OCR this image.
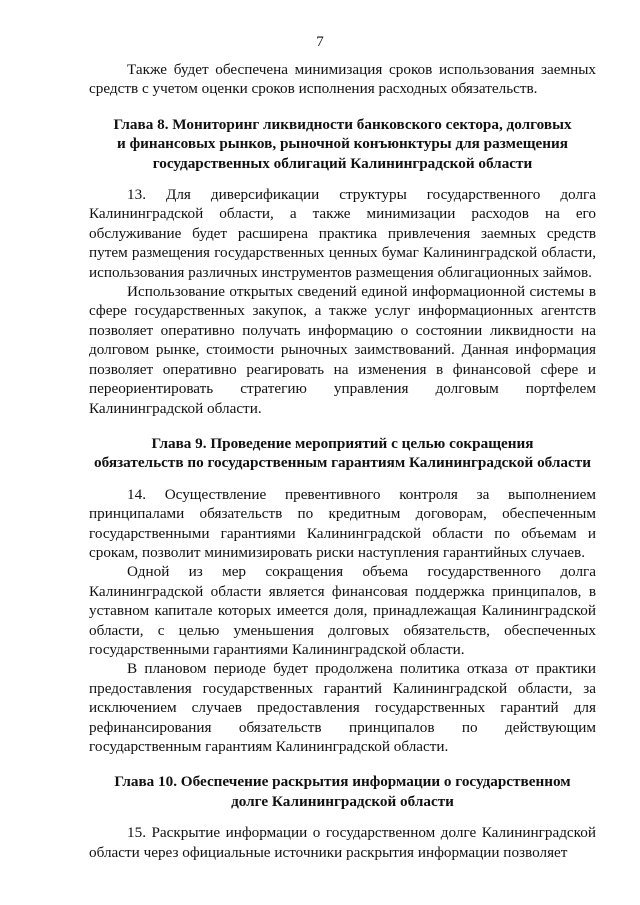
7

Также будет обеспечена минимизация сроков использования заемных средств с учетом оценки сроков исполнения расходных обязательств.

Глава 8. Мониторинг ликвидности банковского сектора, долговых
и финансовых рынков, рыночной конъюнктуры для размещения
государственных облигаций Калининградской области

13. Для диверсификации структуры государственного долга Калининградской области, а также минимизации расходов на его обслуживание будет расширена практика привлечения заемных средств путем размещения государственных ценных бумаг Калининградской области, использования различных инструментов размещения облигационных займов.

Использование открытых сведений единой информационной системы в сфере государственных закупок, а также услуг информационных агентств позволяет оперативно получать информацию о состоянии ликвидности на долговом рынке, стоимости рыночных заимствований. Данная информация позволяет оперативно реагировать на изменения в финансовой сфере и переориентировать стратегию управления долговым портфелем Калининградской области.

Глава 9. Проведение мероприятий с целью сокращения
обязательств по государственным гарантиям Калининградской области

14. Осуществление превентивного контроля за выполнением принципалами обязательств по кредитным договорам, обеспеченным государственными гарантиями Калининградской области по объемам и срокам, позволит минимизировать риски наступления гарантийных случаев.

Одной из мер сокращения объема государственного долга Калининградской области является финансовая поддержка принципалов, в уставном капитале которых имеется доля, принадлежащая Калининградской области, с целью уменьшения долговых обязательств, обеспеченных государственными гарантиями Калининградской области.

В плановом периоде будет продолжена политика отказа от практики предоставления государственных гарантий Калининградской области, за исключением случаев предоставления государственных гарантий для рефинансирования обязательств принципалов по действующим государственным гарантиям Калининградской области.

Глава 10. Обеспечение раскрытия информации о государственном
долге Калининградской области

15. Раскрытие информации о государственном долге Калининградской области через официальные источники раскрытия информации позволяет
